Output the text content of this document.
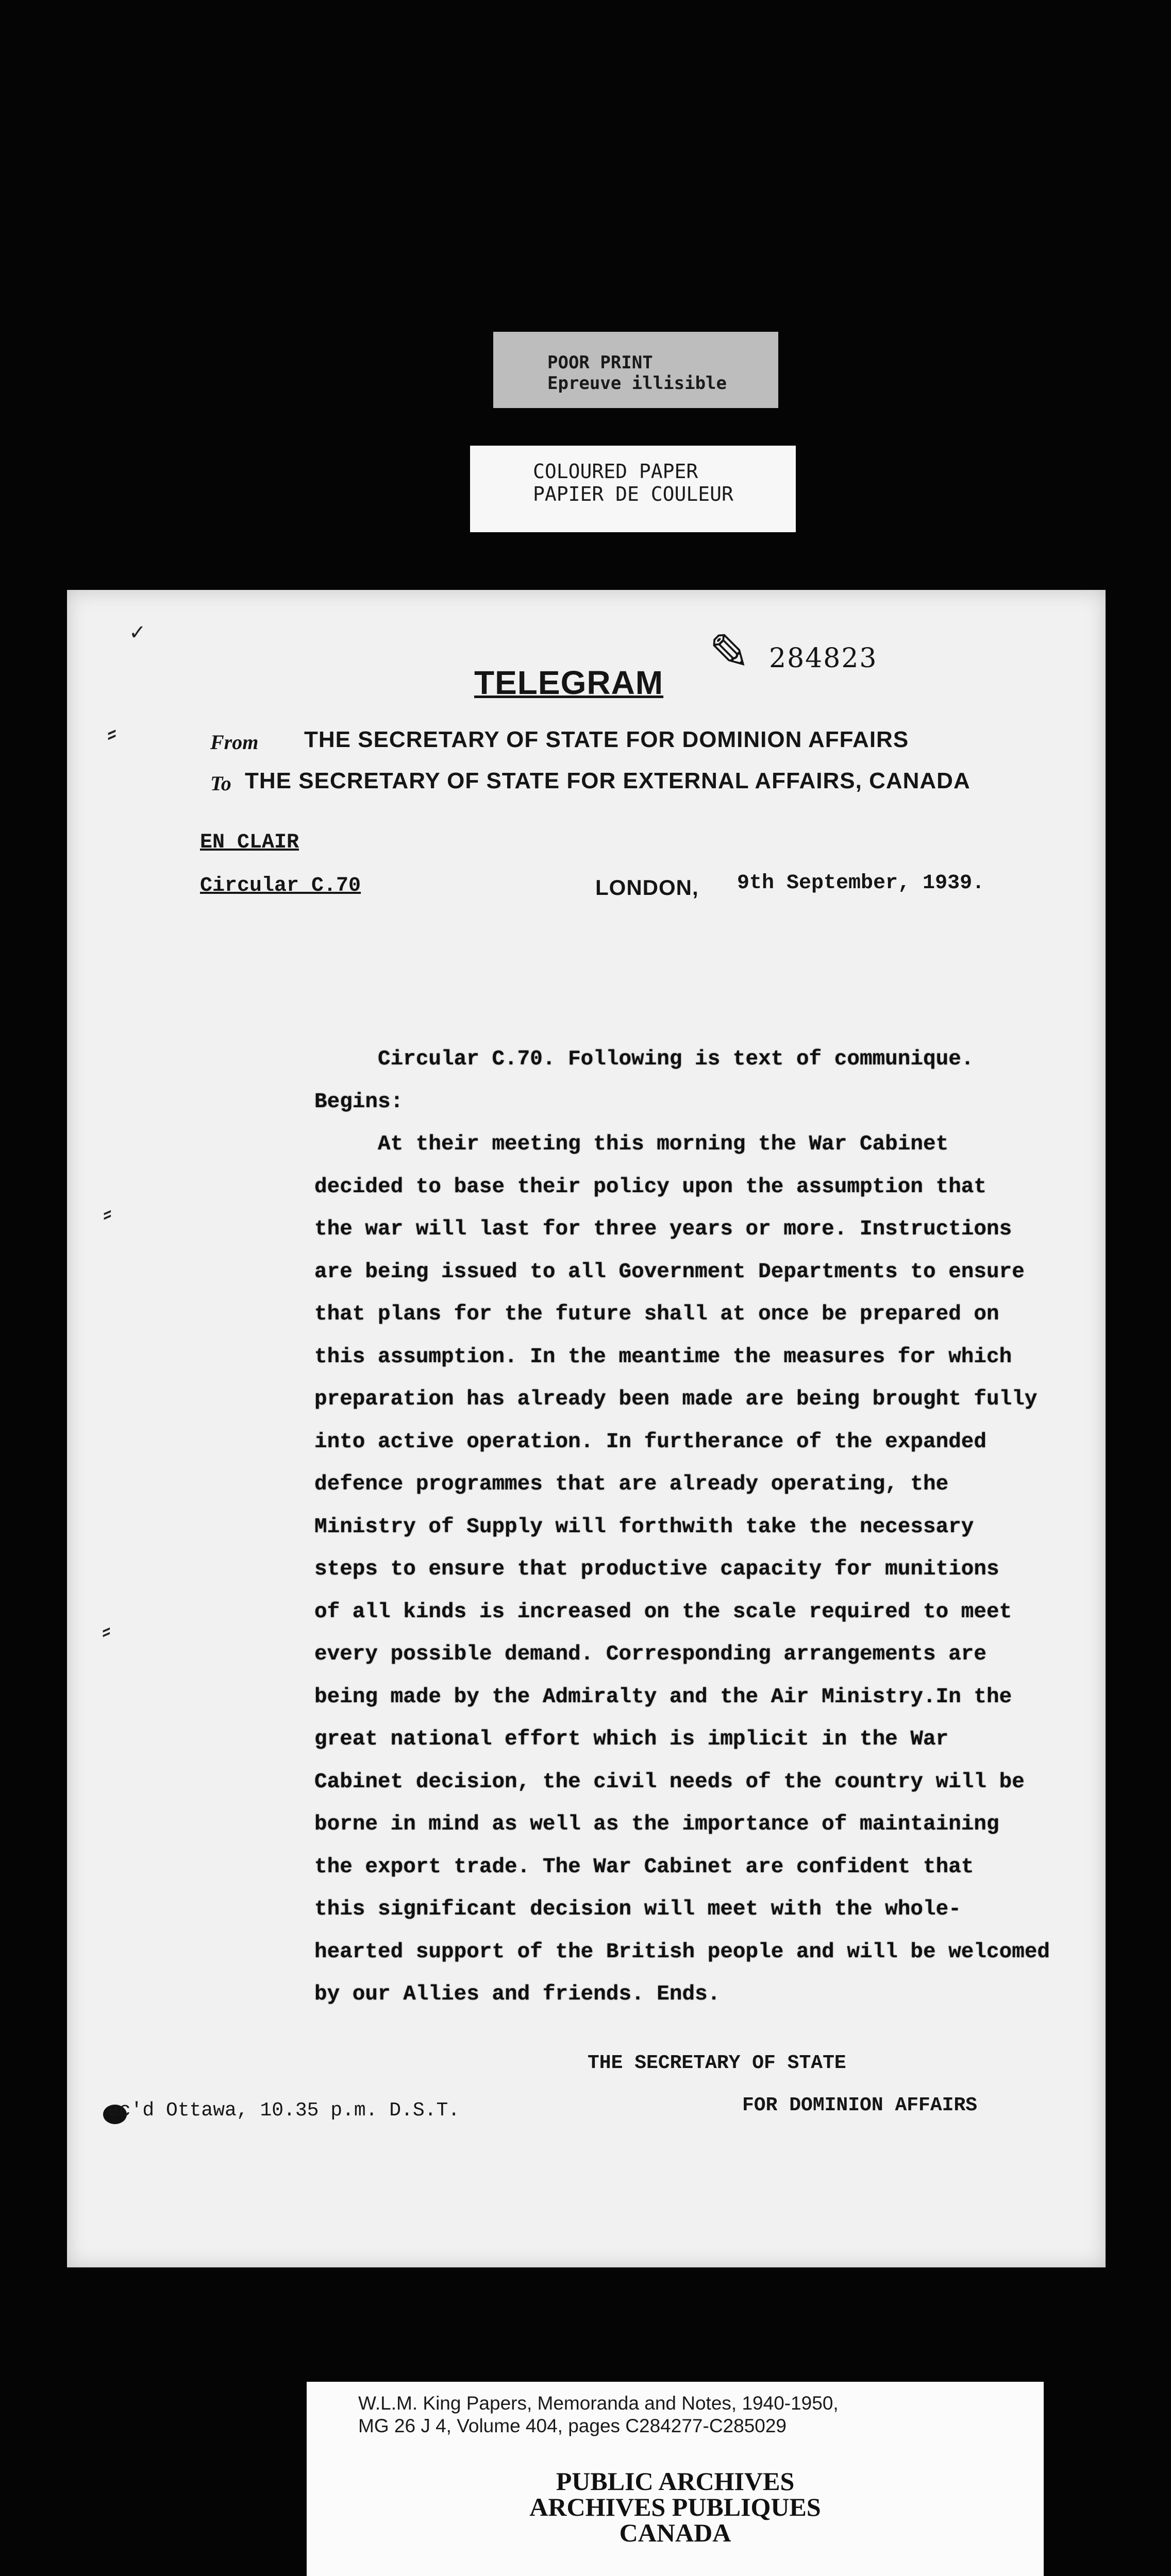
POOR PRINT
Epreuve illisible
COLOURED PAPER
PAPIER DE COULEUR
✎ 284823
TELEGRAM
From THE SECRETARY OF STATE FOR DOMINION AFFAIRS
To THE SECRETARY OF STATE FOR EXTERNAL AFFAIRS, CANADA
EN CLAIR
Circular C.70	LONDON, 9th September, 1939.
Circular C.70. Following is text of communique.
Begins:
At their meeting this morning the War Cabinet
decided to base their policy upon the assumption that
the war will last for three years or more. Instructions
are being issued to all Government Departments to ensure
that plans for the future shall at once be prepared on
this assumption. In the meantime the measures for which
preparation has already been made are being brought fully
into active operation. In furtherance of the expanded
defence programmes that are already operating, the
Ministry of Supply will forthwith take the necessary
steps to ensure that productive capacity for munitions
of all kinds is increased on the scale required to meet
every possible demand. Corresponding arrangements are
being made by the Admiralty and the Air Ministry.In the
great national effort which is implicit in the War
Cabinet decision, the civil needs of the country will be
borne in mind as well as the importance of maintaining
the export trade. The War Cabinet are confident that
this significant decision will meet with the whole-
hearted support of the British people and will be welcomed
by our Allies and friends. Ends.
THE SECRETARY OF STATE
FOR DOMINION AFFAIRS
ec'd Ottawa, 10.35 p.m. D.S.T.
✓
⸗
⸗
⸗
W.L.M. King Papers, Memoranda and Notes, 1940-1950,
MG 26 J 4, Volume 404, pages C284277-C285029
PUBLIC ARCHIVES
ARCHIVES PUBLIQUES
CANADA
